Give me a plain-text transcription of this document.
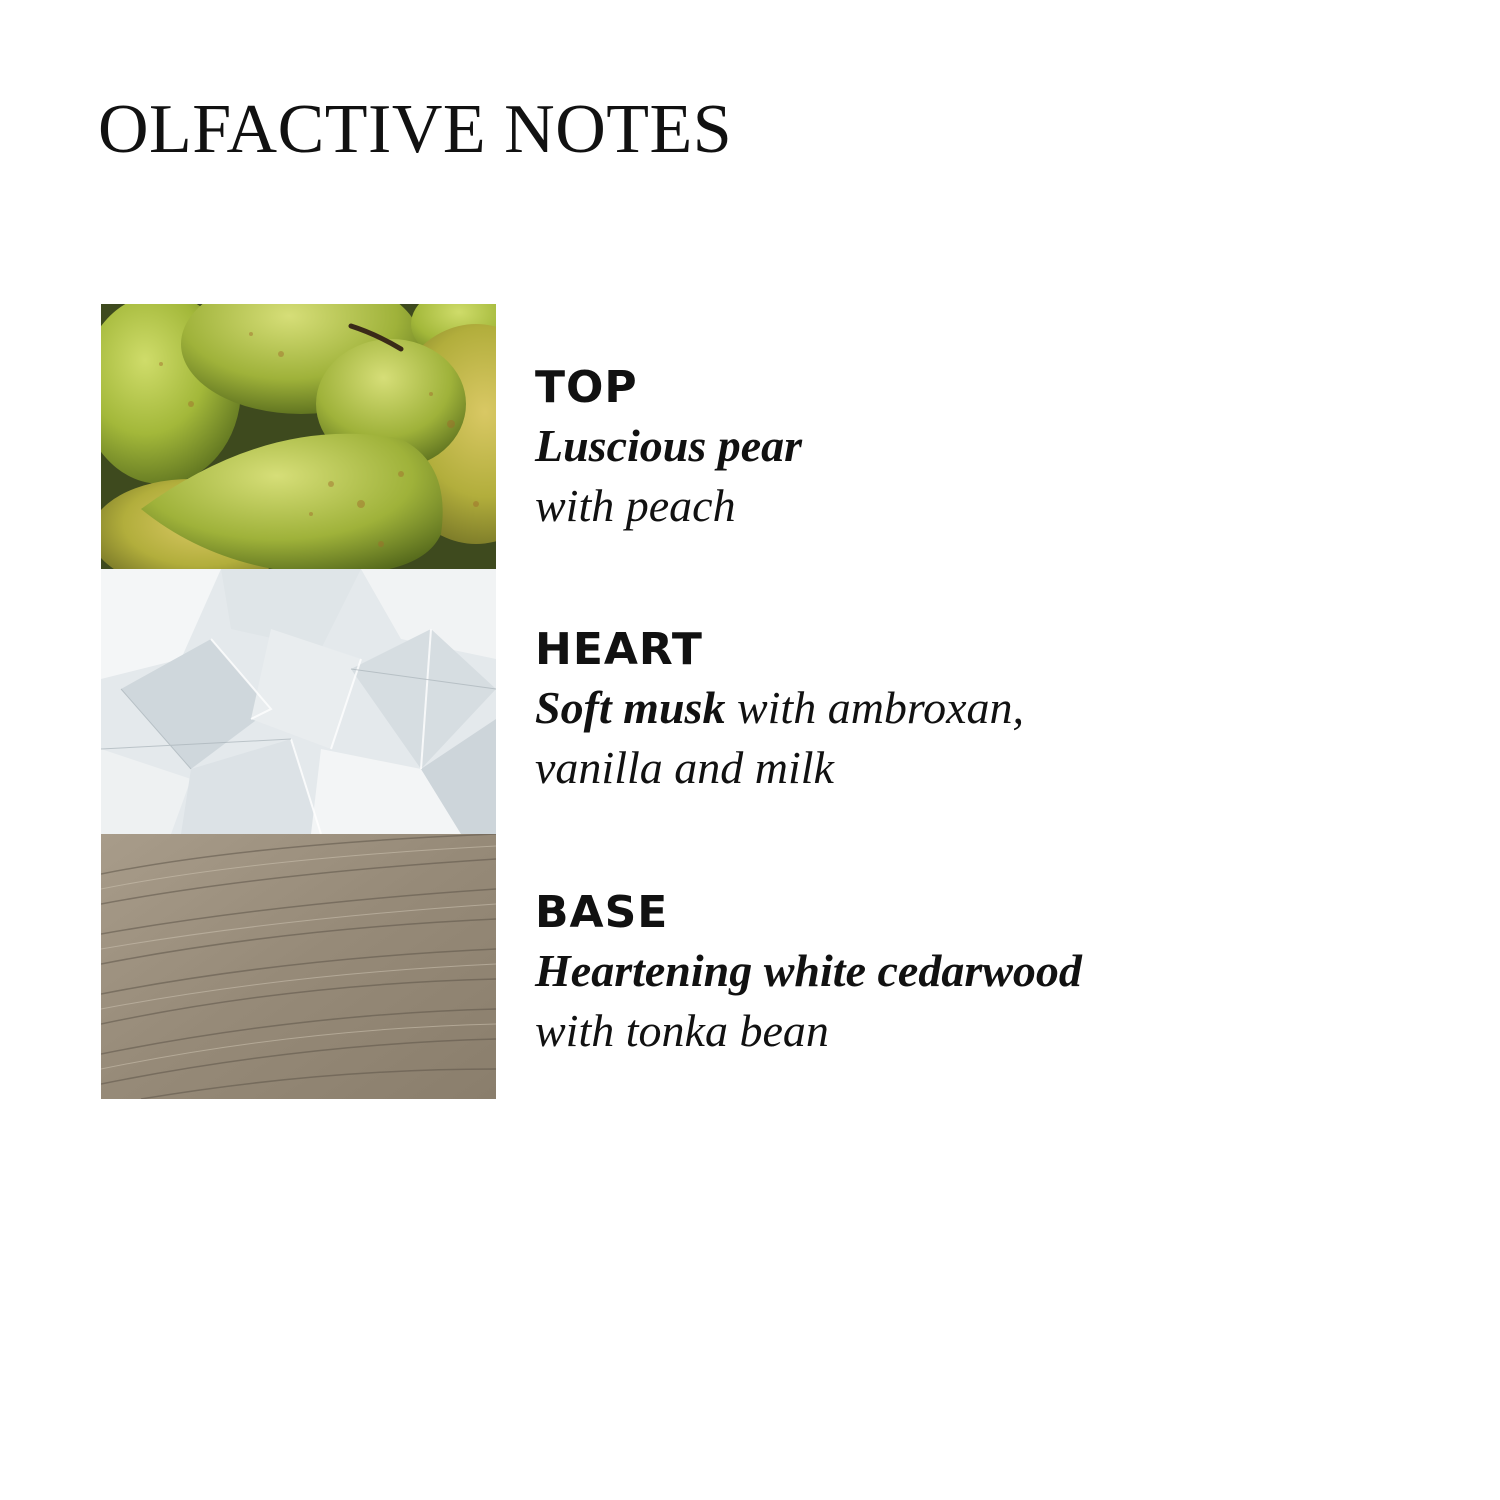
OLFACTIVE NOTES
TOP
Luscious pear
with peach
HEART
Soft musk with ambroxan,
vanilla and milk
BASE
Heartening white cedarwood
with tonka bean
